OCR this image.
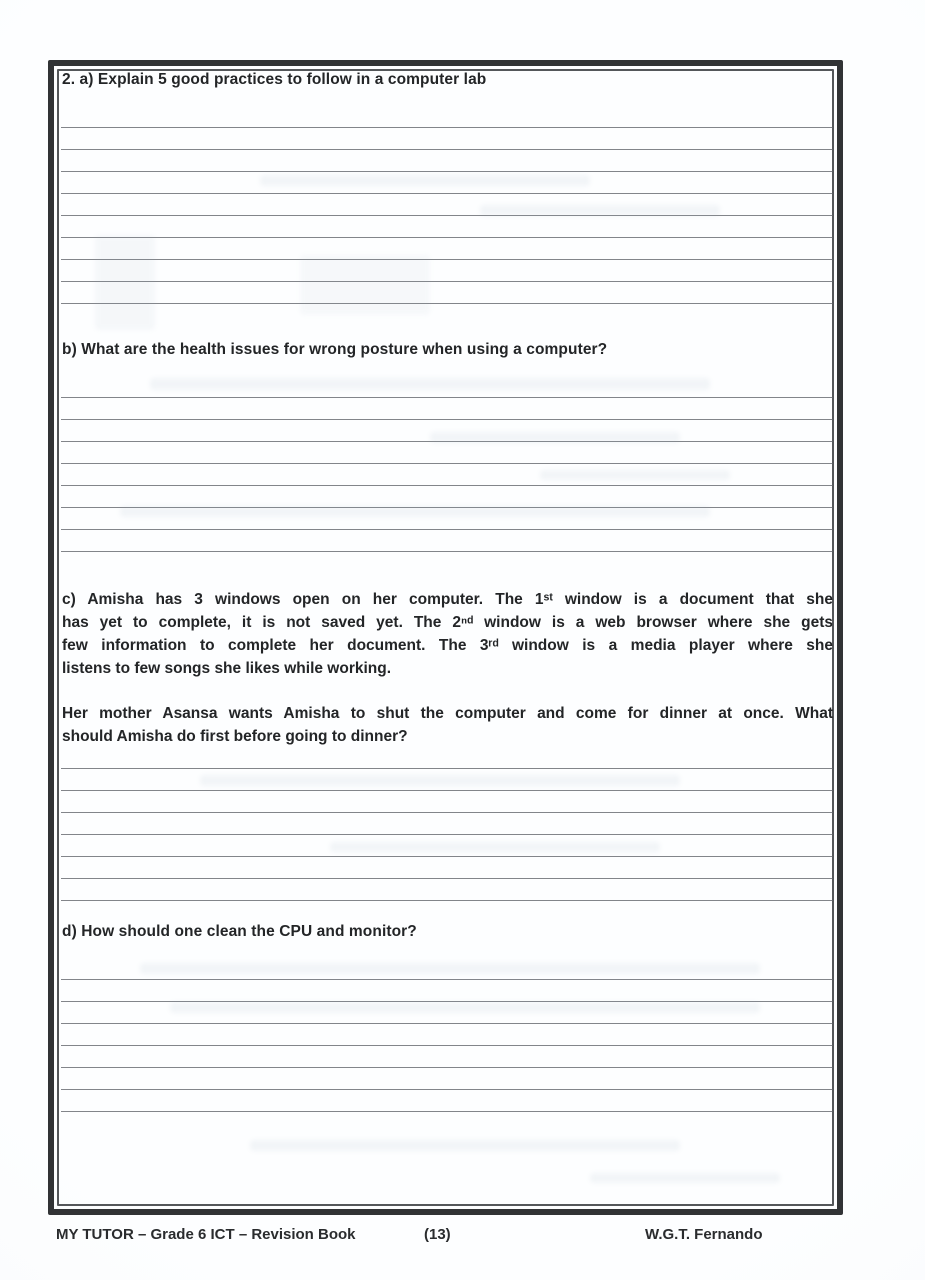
2. a) Explain 5 good practices to follow in a computer lab
b) What are the health issues for wrong posture when using a computer?
c) Amisha has 3 windows open on her computer. The 1ˢᵗ window is a document that she
has yet to complete, it is not saved yet. The 2ⁿᵈ window is a web browser where she gets
few information to complete her document. The 3ʳᵈ window is a media player where she
listens to few songs she likes while working.
Her mother Asansa wants Amisha to shut the computer and come for dinner at once. What
should Amisha do first before going to dinner?
d) How should one clean the CPU and monitor?
MY TUTOR – Grade 6 ICT – Revision Book	(13)	W.G.T. Fernando
